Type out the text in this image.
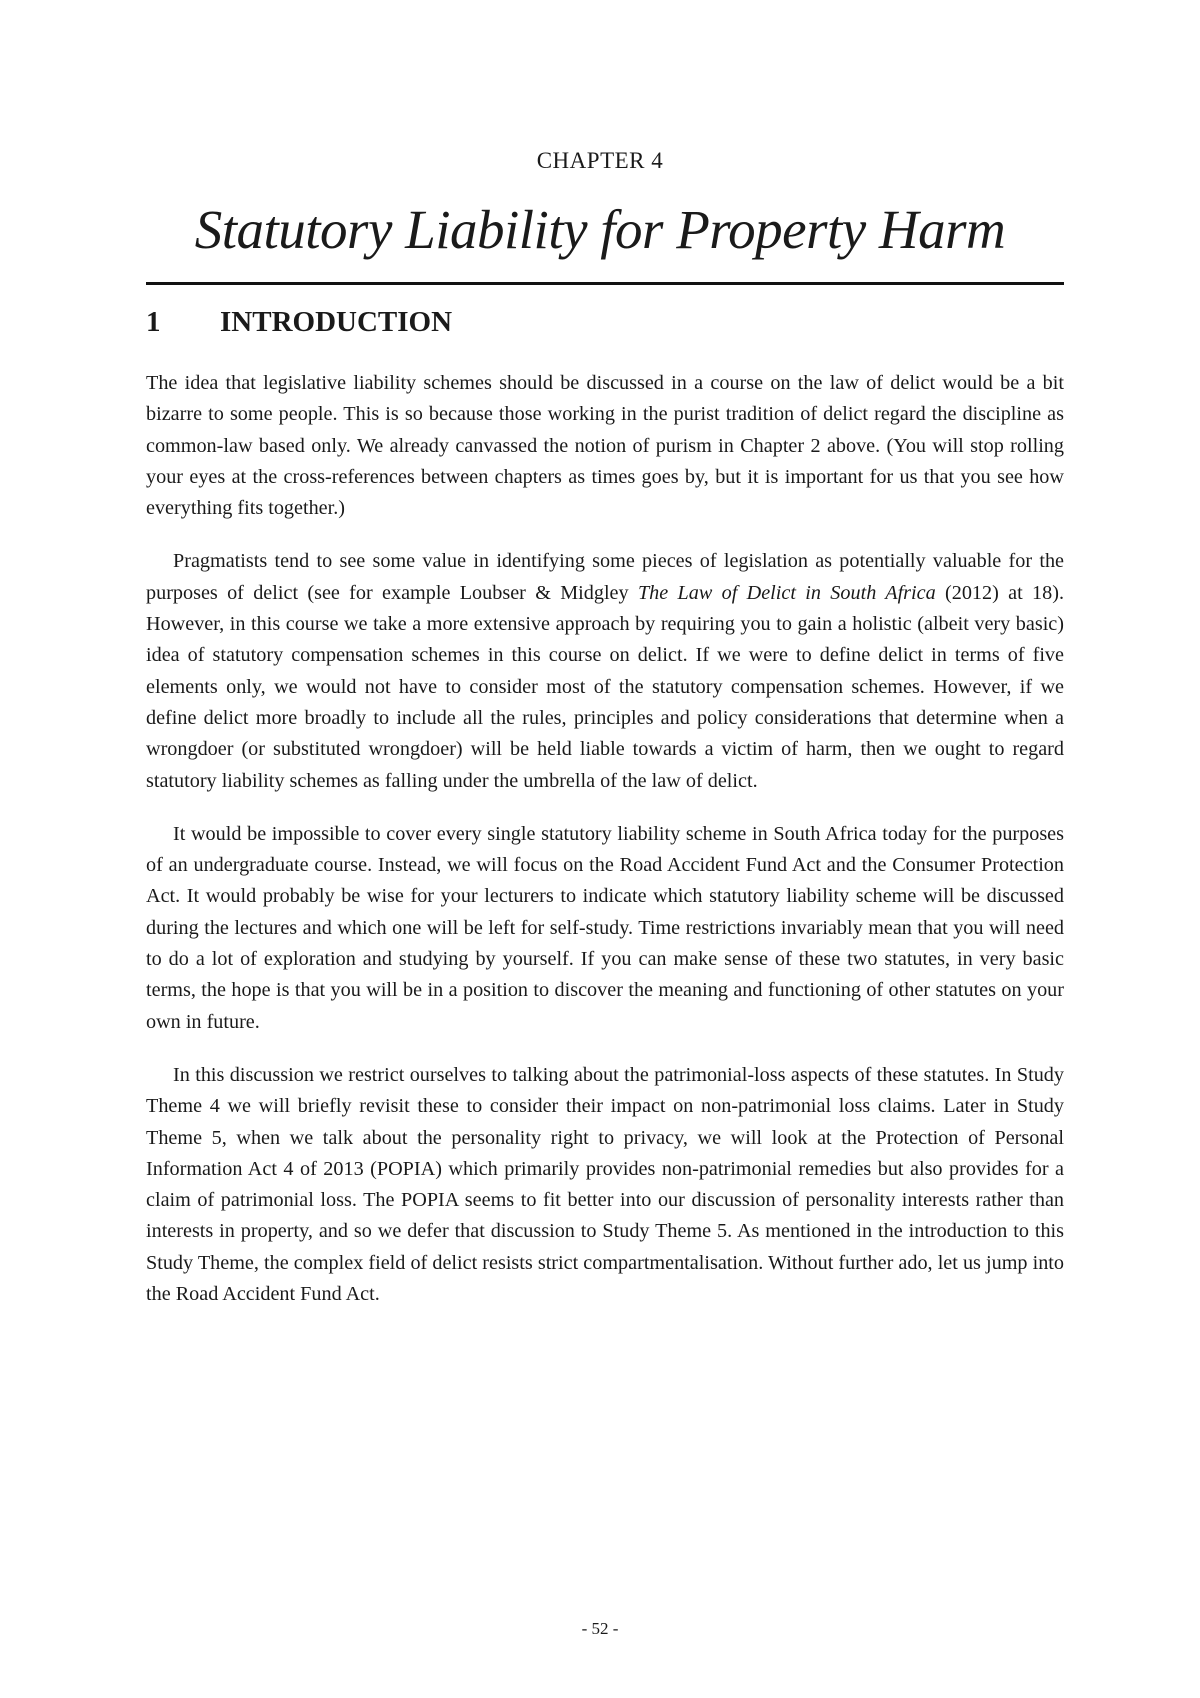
CHAPTER 4
Statutory Liability for Property Harm
1	INTRODUCTION

The idea that legislative liability schemes should be discussed in a course on the law of delict would be a bit bizarre to some people. This is so because those working in the purist tradition of delict regard the discipline as common-law based only. We already canvassed the notion of purism in Chapter 2 above. (You will stop rolling your eyes at the cross-references between chapters as times goes by, but it is important for us that you see how everything fits together.)

Pragmatists tend to see some value in identifying some pieces of legislation as potentially valuable for the purposes of delict (see for example Loubser & Midgley The Law of Delict in South Africa (2012) at 18). However, in this course we take a more extensive approach by requiring you to gain a holistic (albeit very basic) idea of statutory compensation schemes in this course on delict. If we were to define delict in terms of five elements only, we would not have to consider most of the statutory compensation schemes. However, if we define delict more broadly to include all the rules, principles and policy considerations that determine when a wrongdoer (or substituted wrongdoer) will be held liable towards a victim of harm, then we ought to regard statutory liability schemes as falling under the umbrella of the law of delict.

It would be impossible to cover every single statutory liability scheme in South Africa today for the purposes of an undergraduate course. Instead, we will focus on the Road Accident Fund Act and the Consumer Protection Act. It would probably be wise for your lecturers to indicate which statutory liability scheme will be discussed during the lectures and which one will be left for self-study. Time restrictions invariably mean that you will need to do a lot of exploration and studying by yourself. If you can make sense of these two statutes, in very basic terms, the hope is that you will be in a position to discover the meaning and functioning of other statutes on your own in future.

In this discussion we restrict ourselves to talking about the patrimonial-loss aspects of these statutes. In Study Theme 4 we will briefly revisit these to consider their impact on non-patrimonial loss claims. Later in Study Theme 5, when we talk about the personality right to privacy, we will look at the Protection of Personal Information Act 4 of 2013 (POPIA) which primarily provides non-patrimonial remedies but also provides for a claim of patrimonial loss. The POPIA seems to fit better into our discussion of personality interests rather than interests in property, and so we defer that discussion to Study Theme 5. As mentioned in the introduction to this Study Theme, the complex field of delict resists strict compartmentalisation. Without further ado, let us jump into the Road Accident Fund Act.

- 52 -
